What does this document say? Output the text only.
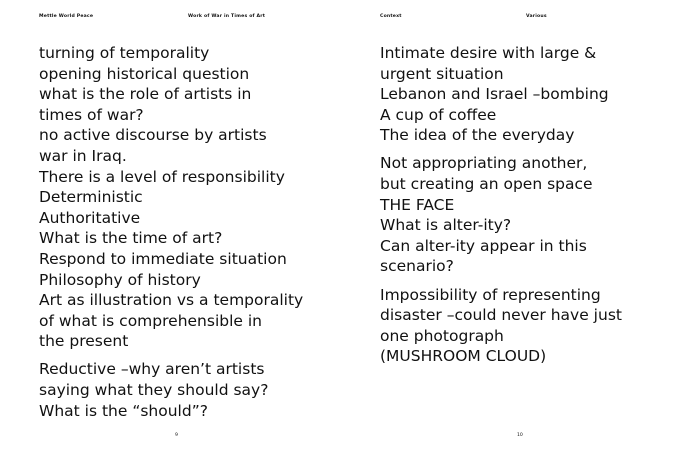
Mettle World Peace	Work of War in Times of Art
turning of temporality
opening historical question
what is the role of artists in
times of war?
no active discourse by artists
war in Iraq.
There is a level of responsibility
Deterministic
Authoritative
What is the time of art?
Respond to immediate situation
Philosophy of history
Art as illustration vs a temporality
of what is comprehensible in
the present
Reductive –why aren’t artists
saying what they should say?
What is the “should”?
9
Context	Various
Intimate desire with large &
urgent situation
Lebanon and Israel –bombing
A cup of coffee
The idea of the everyday
Not appropriating another,
but creating an open space
THE FACE
What is alter-ity?
Can alter-ity appear in this
scenario?
Impossibility of representing
disaster –could never have just
one photograph
(MUSHROOM CLOUD)
10
